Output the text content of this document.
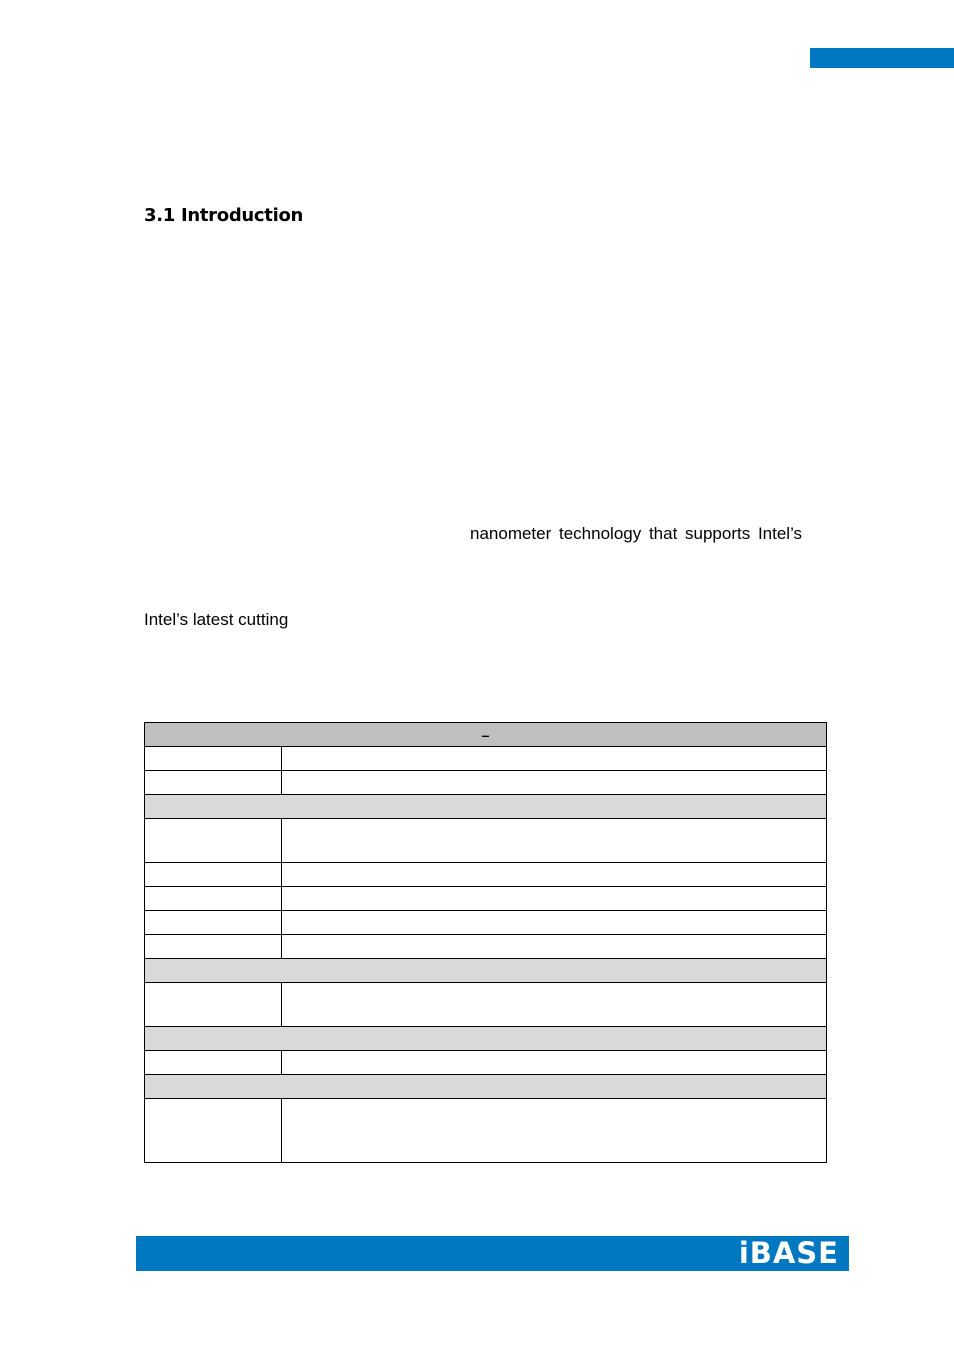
3.1 Introduction
nanometer technology that supports Intel’s
Intel’s latest cutting
–	

iBASE
